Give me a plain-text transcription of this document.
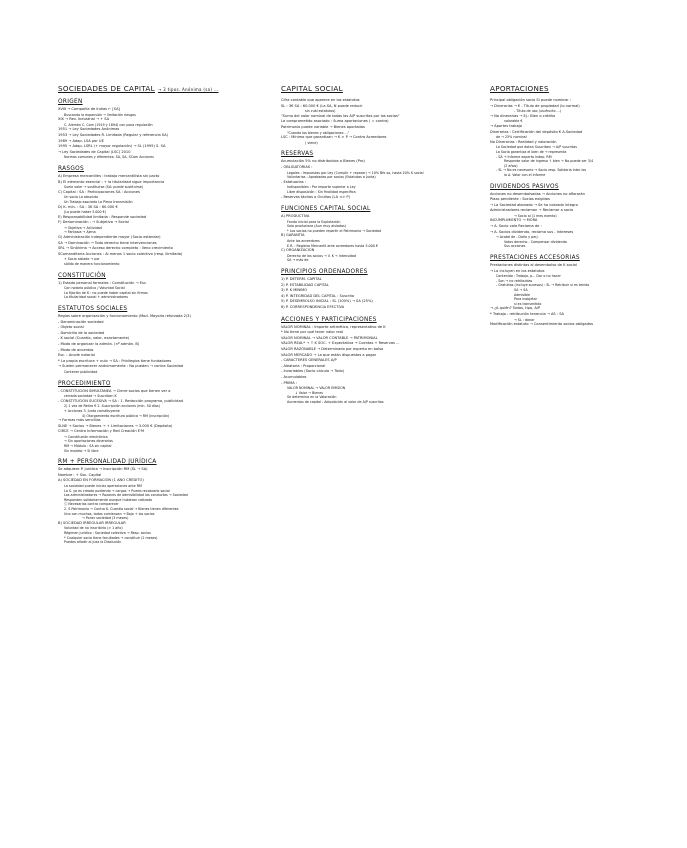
SOCIEDADES DE CAPITAL → 3 tipos. Anónima (sa) ...
ORIGEN
XVIII → Compañía de Indias ← [SA]
Buscando la expansión → limitación riesgos
XIX → Rev. Industrial → + SA
C. Alemán C. Com (1919 y 1894) con poca regulación
1951 → Ley Sociedades Anónimas
1953 → Ley Sociedades R. Limitada (Regular y referencia SA)
1989 → Adap. LSA por UE
1995 → Adap. LSRL (+ mayor regulación) → SL (1995) S. SA
→ Ley Sociedades de Capital (LSC) 2010
Normas comunes y diferentes: SA, SA, SCom Acciones
RASGOS
A) Empresa mercantiles : trabajo mercantilista sin pacto
B) El elemento esencial : + la titularidad sigue importancia
Suele valer → sustituirse (SA: puede sustituirse)
C) Capital : SA : Participaciones SA : Acciones
Un socio Lo absoluto
Un Trabajo asociado La Plena transmisión
D) K. mín. : SA : 3K SA : 60.000 €
(Lo puede haber 3.000 €)
E) Responsabilidad limitada : Responde sociedad
F) Denominación : → Subjetiva → Social
→ Objetiva → Actividad
→ Fantasía → Ajena
G) Administración independiente mayor (Socio estándar)
SA → Dominación → Todo derecho tiene intervenciones
SRL → Sinónima → Acceso derecho completo : lleno crecimiento
SComanditaria Acciones : Al menos 1 socio colectivo (resp. ilimitada)
+ Socio aislado → por
sólido de manera funcionamiento
CONSTITUCIÓN
1) Estado personal formales : Constitución → Esc.
Con notario público / Voluntad Social
La fijación de K : no puede haber capital sin firmas
La titularidad social + administradores
ESTATUTOS SOCIALES
Reglas sobre organización y funcionamiento (Mod. Mayoría reforzada 2/3)
- Denominación sociedad
- Objeto social
- Domicilio de la sociedad
- K social (Cuantía, valor, exactamente)
- Modo de organizar la admón. (nº admón. B)
- Modo de acuerdos
Esc. : Acude notarial
* La propia escritura + nulo → SA : Privilegios tiene fundadores
→ Suelen permanecer anónimamente : No pueden → contra Sociedad
Contener publicidad
PROCEDIMIENTO
- CONSTITUCIÓN SIMULTÁNEA → Cierre socios que tienen ver a
cerrada sociedad → Suscriben K
- CONSTITUCIÓN SUCESIVA → SA : 1. Redacción programa, publicidad
2) 1 vez de Retiro € 2. Suscripción acciones (min. 50 días)
+ Acciones 3. Junta constituyente
4) Otorgamiento escritura pública → RM (inscripción)
→ Formas más sencillas
SLNE → Socios → Bienes → + Limitaciones → 3.000 € (Depósito)
CIRCE → Centro Información y Red Creación E'M
→ Constitución electrónica
→ Sin aportaciones dinerarias
RM → Módulo : SA sin capital
Sin modelo → Si libre
RM + PERSONALIDAD JURÍDICA
Se adquiere P. Jurídica → Inscripción RM (SL → SA)
Nombre : + Soc. Capital
A) SOCIEDAD EN FORMACIÓN (1 AÑO CRÉDITO)
La sociedad puede iniciar operaciones ante RM
La S. ya es creada pudiendo → cargos → Puedo recobrarlo social
Los administradores → Rozones de admisibilidad las conductas → Sociedad
Responden solidariamente aunque hubieran cotizado
Ⓒ Necesarias contra comparecer
2. S Patrimonio → Contra K. Cuantía social → Bienes tienen diferentes
Uno con muchos, todos comienzan → Bajo + los socios
→ Poner sociedad (3 meses)
B) SOCIEDAD IRREGULAR IRREGULAR
Voluntad de no inscribirla (> 1 año)
Régimen jurídico : Sociedad colectiva → Resp. socios
* Cualquier socio tiene facultades → constituir (2 meses)
Puedes añadir al juez la Disolución
CAPITAL SOCIAL
Cifra contable que aparece en los estatutos
SL : 3€ SA : 60.000 € (La SA, N puede reducir
sin cuál estatutos)
"Suma del valor nominal de todas las A/P suscritas por los socios"
La comprometido asociado : Suma aportaciones ( = contra)
Patrimonio puede variable → Bienes aportados
"Cuando los bienes y obligaciones ..."
LSC : Mínimo que garantizan → K > P → Contra Acreedores
( viene)
RESERVAS
Acumulación 5% no distribuidos a Bienes (Pro)
- OBLIGATORIAS :
Legales : Impuestas por Ley (Cumplir + reparar) → 10% Bfo so, hasta 20% K social
Voluntarias : Aprobadas por socios (Estatutos a Junta)
- Estatuarias :
Indisponibles : Por importe superior a Ley
Libre disposición : Sin finalidad específica
- Reservas tácitas o Ocultas (LA <> P)
FUNCIONES CAPITAL SOCIAL
A) PRODUCTIVA
Fondo inicial para la Explotación
Solo productora (Aun muy aislados)
* Los socios no pueden repartir el Patrimonio → Sociedad
B) GARANTÍA
Ante los acreedores
E.R. : Registro Mercantil ante acreedores hasta 3.000 €
C) ORGANIZACIÓN
Derecho de los socios → V. K → Intensidad
SA → más de
PRINCIPIOS ORDENADORES
1) P. DETERM. CAPITAL
2) P. ESTABILIDAD CAPITAL
3) P. K MÍNIMO
4) P. INTEGRIDAD DEL CAPITAL : Suscrito
5) P. DESEMBOLSO INICIAL : SL (100%) → SA (25%)
6) P. CORRESPONDENCIA EFECTIVA
ACCIONES Y PARTICIPACIONES
VALOR NOMINAL : Importe aritmético, representativo de K
* No tiene por qué tener valor real
VALOR NOMINAL → VALOR CONTABLE → PATRIMONIAL
VALOR REAL* → ↑ K SOC. + Expectativa → Cuentas + Reservas ...
VALOR RAZONABLE → Determinado por experto en bolsa
VALOR MERCADO → La que están dispuestos a pagar
- CARACTERES GENERALES A/P
- Aleatoria : Proporcional
- Invariables (Socio calcula → Todo)
- Acumulables
- PRIMA :
VALOR NOMINAL → VALOR EMISIÓN
↓ Valor → Bienes
Se determina en la Valoración
Aumentos de capital : Adquisición al valor de A/P suscritas
APORTACIONES
Principal obligación socio Si puede nombrar :
→ Dinerarias → € - Título de propiedad (lo normal)
- Título de uso (usufructo ...)
→ No dinerarias → Ej.: Bien o crédito
valorable €
→ Aportes trabajo
Dinerarias : Certificación del depósito € A.Sociedad
de → 25% nominal
No Dinerarias : Realidad y valoración
La Sociedad que dotan Suscriben → A/P suscritas
La Socia garantiza el bien de → representa
- SA → Informe experto indep. RM
Responde valor de ingreso ↑ bien → No puede ser 3/4
(2 años)
- SL → No es necesario → Socio resp. Solidaria inter los
la A. Valor con el informe
DIVIDENDOS PASIVOS
Acciones no desembolsadas → Acciones no aflorarán
Plazo pendiente : Socios exigidos
→ La Sociedad abonado → Se ha cobrado íntegro
Administradores reclaman → Reclamar a socio
→ Socio al (1 mes exento)
INCUMPLIMIENTO → MORA
→ A. Socio vale Reclama de :
→ A. Socios dividendo, reclama sus - Intereses
→ Acabó de - Daño y perj.
Votos derecho - Compensar dividendo
Sus acciones
PRESTACIONES ACCESORIAS
Prestaciones distintas al desembolso de K social
→ La incluyen en los estatutos
Contenido : Trabajo, p... Dar o no hacer
- Son → no retribuidas
- Gratuitas (incluye sucesos) : SL → Retribuir si es tenido
SA → SA
Admisible
Para inobjetar
si es transmitido
→ ¿A quién? Todos, tipo, A/P
* Trabajo : retribución tenencia → AS : SA
→ SL : donar
Modificación estatuto → Consentimiento socios obligados
